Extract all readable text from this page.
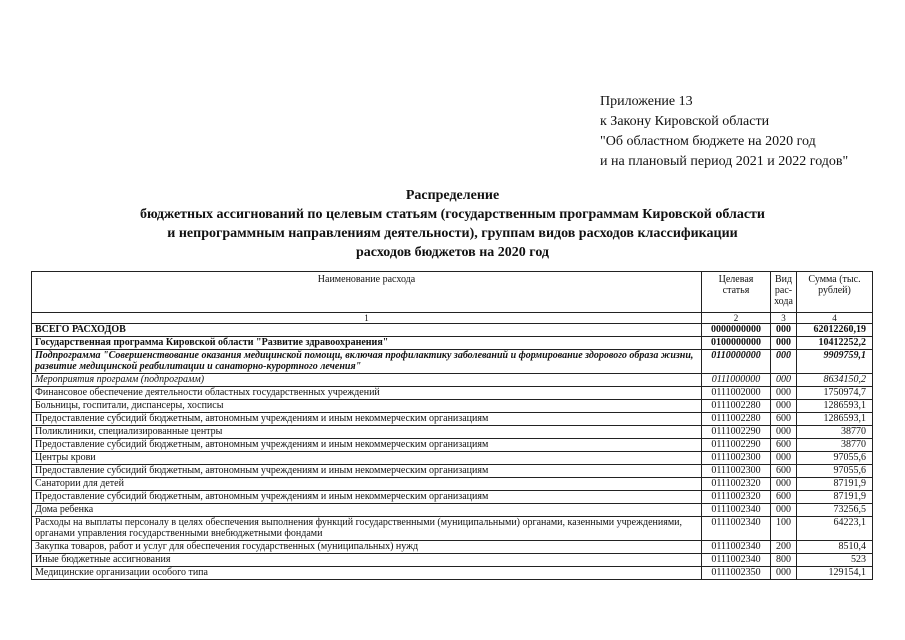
Приложение 13
к Закону Кировской области
"Об областном бюджете на 2020 год
и на плановый период 2021 и 2022 годов"
Распределение
бюджетных ассигнований по целевым статьям (государственным программам Кировской области
и непрограммным направлениям деятельности), группам видов расходов классификации
расходов бюджетов на 2020 год
Наименование расхода	Целевая статья	Вид рас- хода	Сумма (тыс. рублей)
1	2	3	4
ВСЕГО РАСХОДОВ	0000000000	000	62012260,19
Государственная программа Кировской области "Развитие здравоохранения"	0100000000	000	10412252,2
Подпрограмма "Совершенствование оказания медицинской помощи, включая профилактику заболеваний и формирование здорового образа жизни, развитие медицинской реабилитации и санаторно-курортного лечения"	0110000000	000	9909759,1
Мероприятия программ (подпрограмм)	0111000000	000	8634150,2
Финансовое обеспечение деятельности областных государственных учреждений	0111002000	000	1750974,7
Больницы, госпитали, диспансеры, хосписы	0111002280	000	1286593,1
Предоставление субсидий бюджетным, автономным учреждениям и иным некоммерческим организациям	0111002280	600	1286593,1
Поликлиники, специализированные центры	0111002290	000	38770
Предоставление субсидий бюджетным, автономным учреждениям и иным некоммерческим организациям	0111002290	600	38770
Центры крови	0111002300	000	97055,6
Предоставление субсидий бюджетным, автономным учреждениям и иным некоммерческим организациям	0111002300	600	97055,6
Санатории для детей	0111002320	000	87191,9
Предоставление субсидий бюджетным, автономным учреждениям и иным некоммерческим организациям	0111002320	600	87191,9
Дома ребенка	0111002340	000	73256,5
Расходы на выплаты персоналу в целях обеспечения выполнения функций государственными (муниципальными) органами, казенными учреждениями, органами управления государственными внебюджетными фондами	0111002340	100	64223,1
Закупка товаров, работ и услуг для обеспечения государственных (муниципальных) нужд	0111002340	200	8510,4
Иные бюджетные ассигнования	0111002340	800	523
Медицинские организации особого типа	0111002350	000	129154,1
